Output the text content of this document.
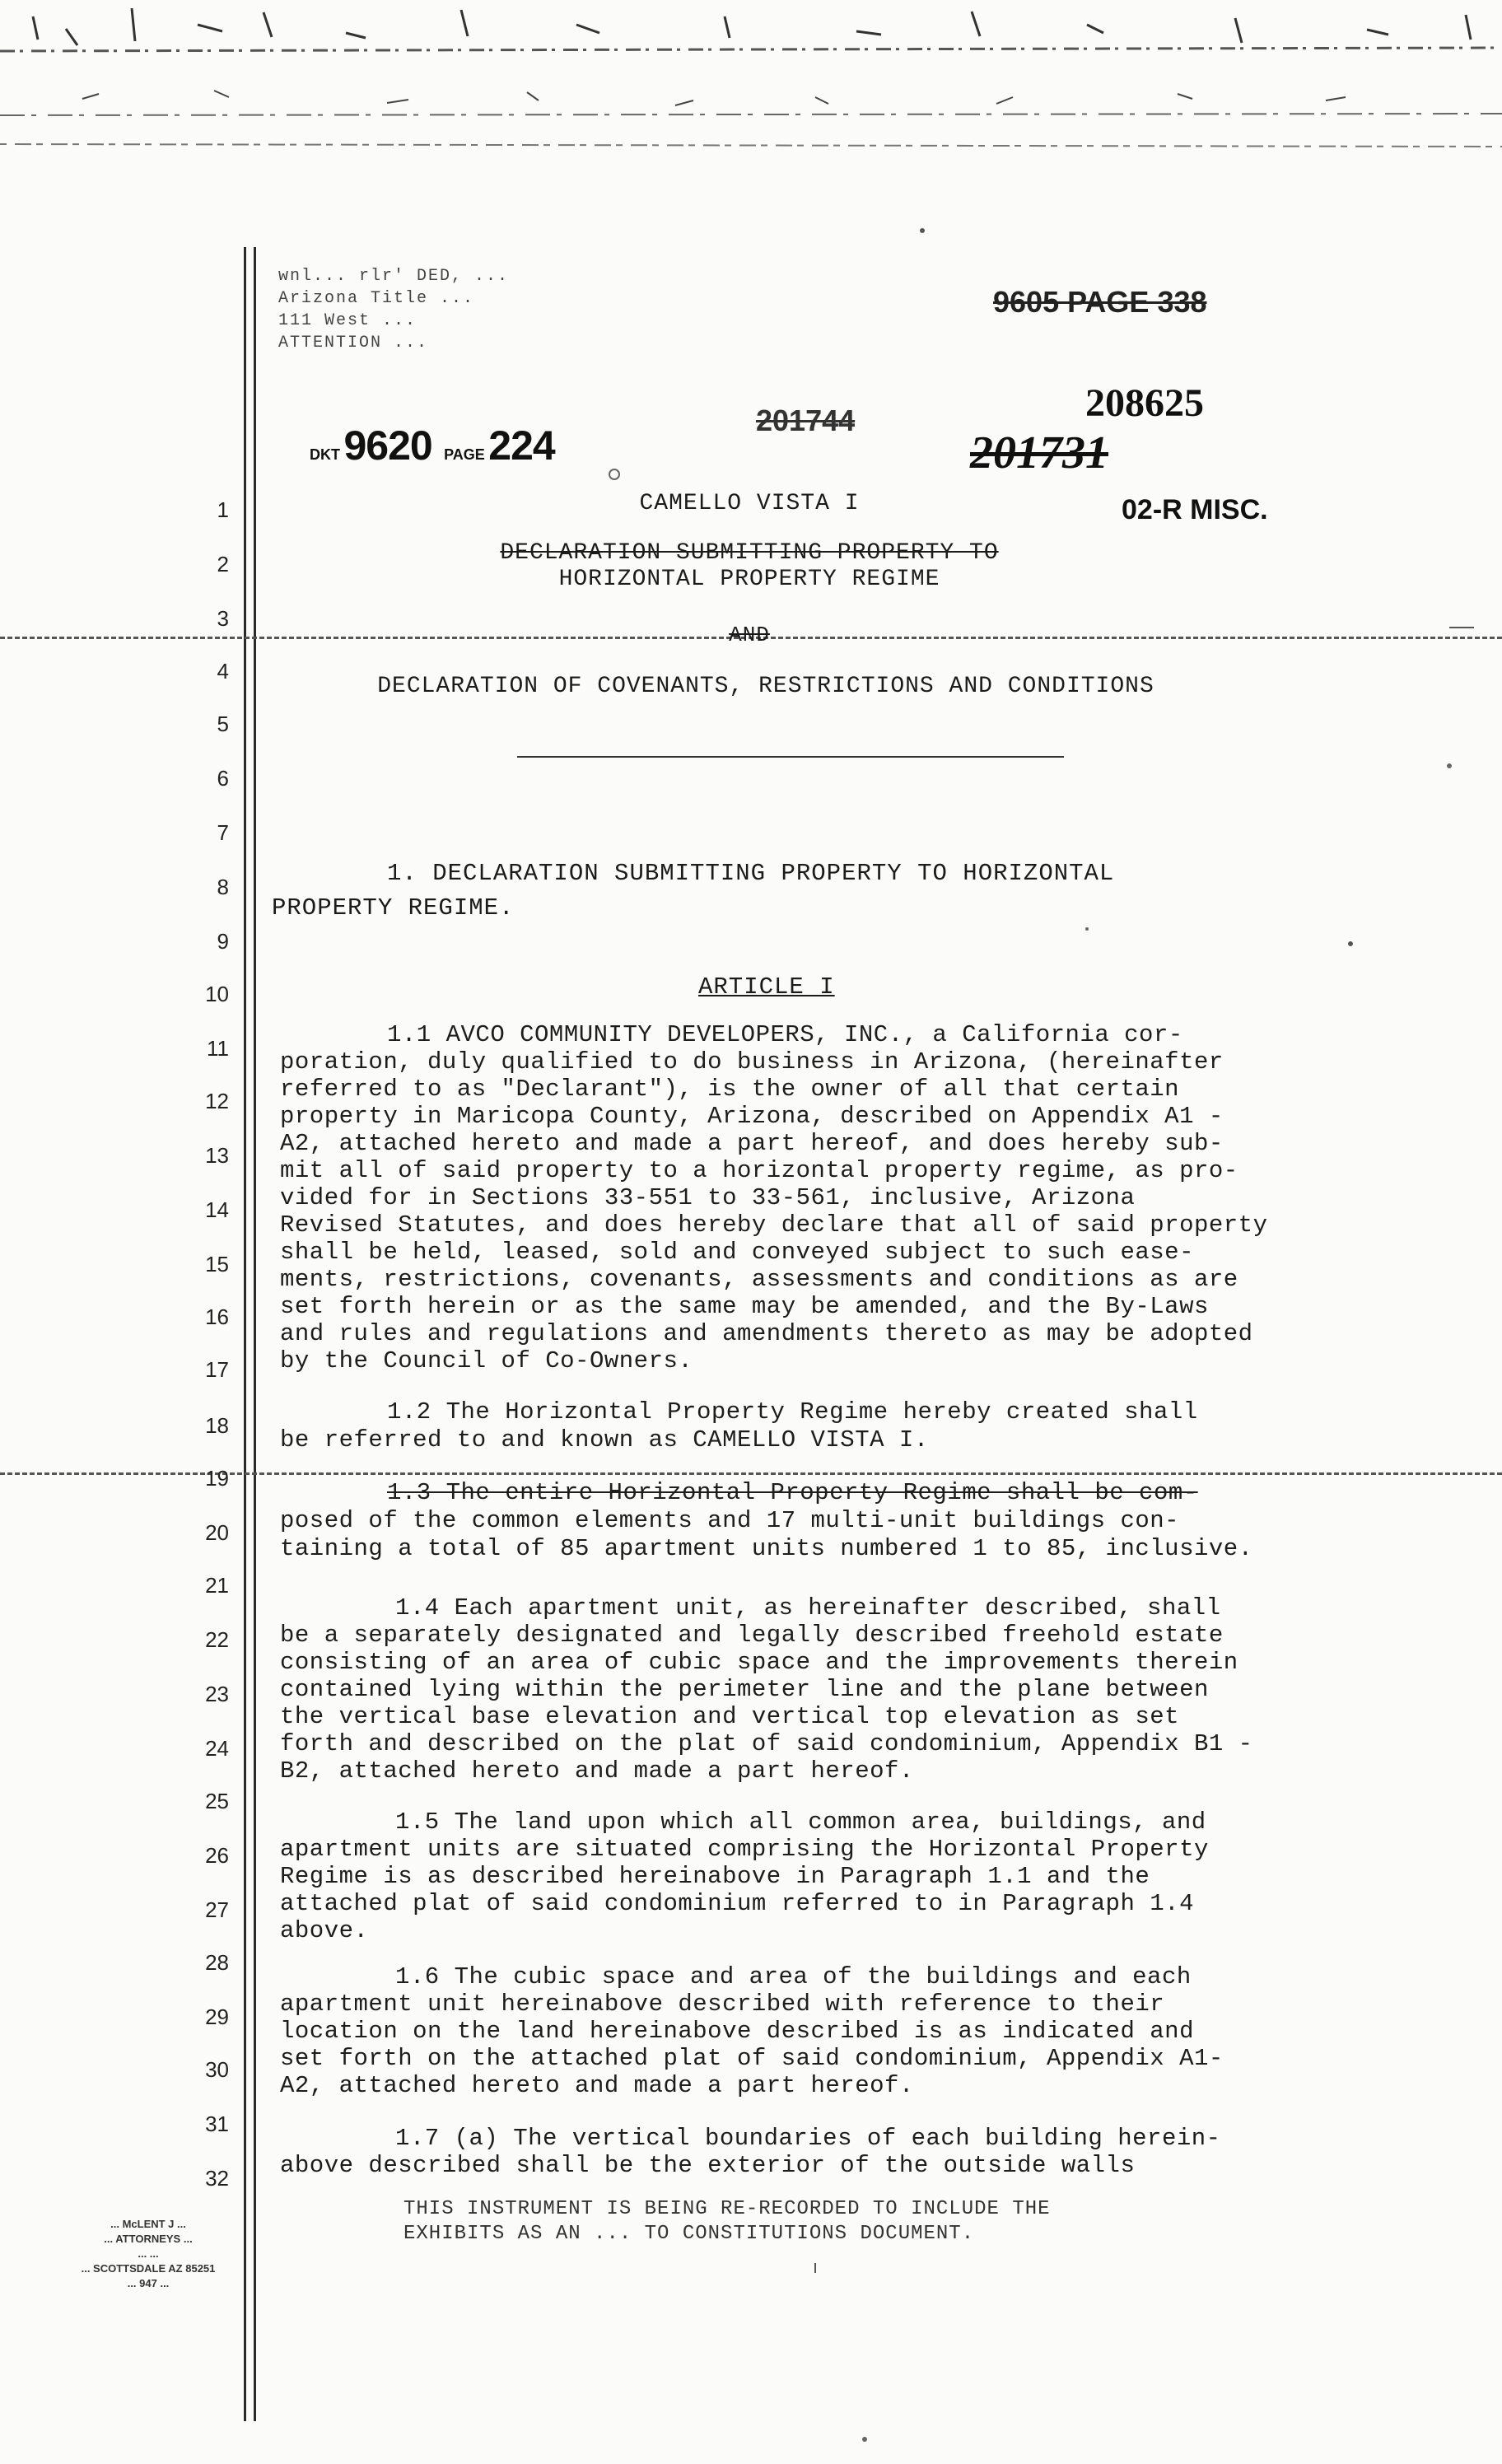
wnl... rlr' DED, ...
Arizona Title ...
111 West ...
ATTENTION ...
9605 PAGE 338
DKT 9620 PAGE 224
201744	208625
201731
02-R MISC.
CAMELLO VISTA I
DECLARATION SUBMITTING PROPERTY TO
HORIZONTAL PROPERTY REGIME
AND
DECLARATION OF COVENANTS, RESTRICTIONS AND CONDITIONS
1. DECLARATION SUBMITTING PROPERTY TO HORIZONTAL
PROPERTY REGIME.
ARTICLE I
1
2
3
4
5
6
7
8
9
10
11
12
13
14
15
16
17
18
19
20
21
22
23
24
25
26
27
28
29
30
31
32
1.1 AVCO COMMUNITY DEVELOPERS, INC., a California cor-
poration, duly qualified to do business in Arizona, (hereinafter
referred to as "Declarant"), is the owner of all that certain
property in Maricopa County, Arizona, described on Appendix A1 -
A2, attached hereto and made a part hereof, and does hereby sub-
mit all of said property to a horizontal property regime, as pro-
vided for in Sections 33-551 to 33-561, inclusive, Arizona
Revised Statutes, and does hereby declare that all of said property
shall be held, leased, sold and conveyed subject to such ease-
ments, restrictions, covenants, assessments and conditions as are
set forth herein or as the same may be amended, and the By-Laws
and rules and regulations and amendments thereto as may be adopted
by the Council of Co-Owners.
1.2 The Horizontal Property Regime hereby created shall
be referred to and known as CAMELLO VISTA I.
1.3 The entire Horizontal Property Regime shall be com-
posed of the common elements and 17 multi-unit buildings con-
taining a total of 85 apartment units numbered 1 to 85, inclusive.
1.4 Each apartment unit, as hereinafter described, shall
be a separately designated and legally described freehold estate
consisting of an area of cubic space and the improvements therein
contained lying within the perimeter line and the plane between
the vertical base elevation and vertical top elevation as set
forth and described on the plat of said condominium, Appendix B1 -
B2, attached hereto and made a part hereof.
1.5 The land upon which all common area, buildings, and
apartment units are situated comprising the Horizontal Property
Regime is as described hereinabove in Paragraph 1.1 and the
attached plat of said condominium referred to in Paragraph 1.4
above.
1.6 The cubic space and area of the buildings and each
apartment unit hereinabove described with reference to their
location on the land hereinabove described is as indicated and
set forth on the attached plat of said condominium, Appendix A1-
A2, attached hereto and made a part hereof.
1.7 (a) The vertical boundaries of each building herein-
above described shall be the exterior of the outside walls
THIS INSTRUMENT IS BEING RE-RECORDED TO INCLUDE THE
EXHIBITS AS AN ... TO CONSTITUTIONS DOCUMENT.
... McLENT J ...
... ATTORNEYS ...
... ...
... SCOTTSDALE AZ 85251
... 947 ...
